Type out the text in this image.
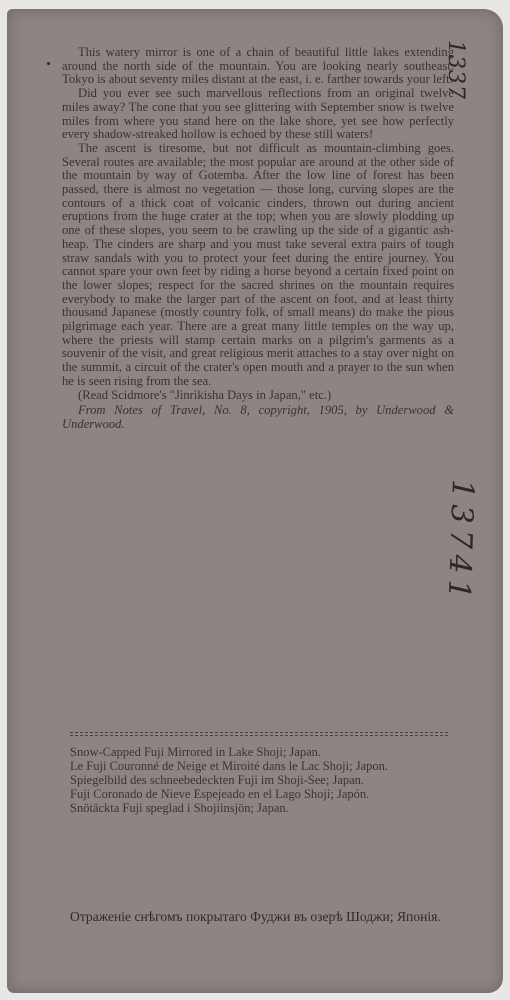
This watery mirror is one of a chain of beautiful little lakes extending around the north side of the mountain. You are looking nearly southeast. Tokyo is about seventy miles distant at the east, i. e. farther towards your left.

Did you ever see such marvellous reflections from an original twelve miles away? The cone that you see glittering with September snow is twelve miles from where you stand here on the lake shore, yet see how perfectly every shadow-streaked hollow is echoed by these still waters!

The ascent is tiresome, but not difficult as mountain-climbing goes. Several routes are available; the most popular are around at the other side of the mountain by way of Gotemba. After the low line of forest has been passed, there is almost no vegetation — those long, curving slopes are the contours of a thick coat of volcanic cinders, thrown out during ancient eruptions from the huge crater at the top; when you are slowly plodding up one of these slopes, you seem to be crawling up the side of a gigantic ash-heap. The cinders are sharp and you must take several extra pairs of tough straw sandals with you to protect your feet during the entire journey. You cannot spare your own feet by riding a horse beyond a certain fixed point on the lower slopes; respect for the sacred shrines on the mountain requires everybody to make the larger part of the ascent on foot, and at least thirty thousand Japanese (mostly country folk, of small means) do make the pious pilgrimage each year. There are a great many little temples on the way up, where the priests will stamp certain marks on a pilgrim's garments as a souvenir of the visit, and great religious merit attaches to a stay over night on the summit, a circuit of the crater's open mouth and a prayer to the sun when he is seen rising from the sea.

(Read Scidmore's "Jinrikisha Days in Japan," etc.)

From Notes of Travel, No. 8, copyright, 1905, by Underwood & Underwood.

Snow-Capped Fuji Mirrored in Lake Shoji; Japan.

Le Fuji Couronné de Neige et Miroité dans le Lac Shoji; Japon.

Spiegelbild des schneebedeckten Fuji im Shoji-See; Japan.

Fuji Coronado de Nieve Espejeado en el Lago Shoji; Japón.

Snötäckta Fuji speglad i Shojiinsjön; Japan.

Отраженіе снѣгомъ покрытаго Фуджи въ озерѣ Шоджи; Японія.

1337
13741
